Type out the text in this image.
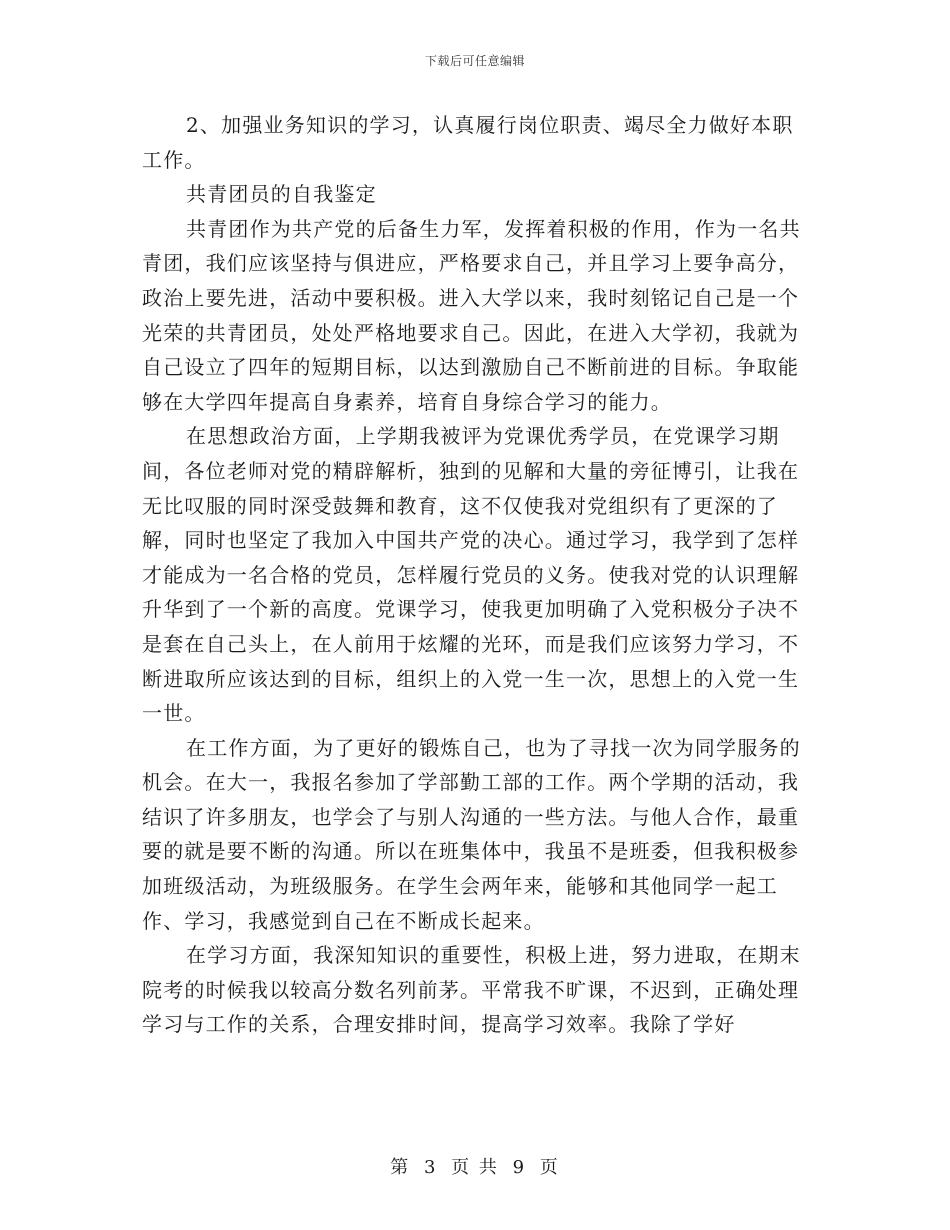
下载后可任意编辑

2、加强业务知识的学习，认真履行岗位职责、竭尽全力做好本职工作。

共青团员的自我鉴定

共青团作为共产党的后备生力军，发挥着积极的作用，作为一名共青团，我们应该坚持与俱进应，严格要求自己，并且学习上要争高分，政治上要先进，活动中要积极。进入大学以来，我时刻铭记自己是一个光荣的共青团员，处处严格地要求自己。因此，在进入大学初，我就为自己设立了四年的短期目标，以达到激励自己不断前进的目标。争取能够在大学四年提高自身素养，培育自身综合学习的能力。

在思想政治方面，上学期我被评为党课优秀学员，在党课学习期间，各位老师对党的精辟解析，独到的见解和大量的旁征博引，让我在无比叹服的同时深受鼓舞和教育，这不仅使我对党组织有了更深的了解，同时也坚定了我加入中国共产党的决心。通过学习，我学到了怎样才能成为一名合格的党员，怎样履行党员的义务。使我对党的认识理解升华到了一个新的高度。党课学习，使我更加明确了入党积极分子决不是套在自己头上，在人前用于炫耀的光环，而是我们应该努力学习，不断进取所应该达到的目标，组织上的入党一生一次，思想上的入党一生一世。

在工作方面，为了更好的锻炼自己，也为了寻找一次为同学服务的机会。在大一，我报名参加了学部勤工部的工作。两个学期的活动，我结识了许多朋友，也学会了与别人沟通的一些方法。与他人合作，最重要的就是要不断的沟通。所以在班集体中，我虽不是班委，但我积极参加班级活动，为班级服务。在学生会两年来，能够和其他同学一起工作、学习，我感觉到自己在不断成长起来。

在学习方面，我深知知识的重要性，积极上进，努力进取，在期末院考的时候我以较高分数名列前茅。平常我不旷课，不迟到，正确处理学习与工作的关系，合理安排时间，提高学习效率。我除了学好

第 3 页 共 9 页
